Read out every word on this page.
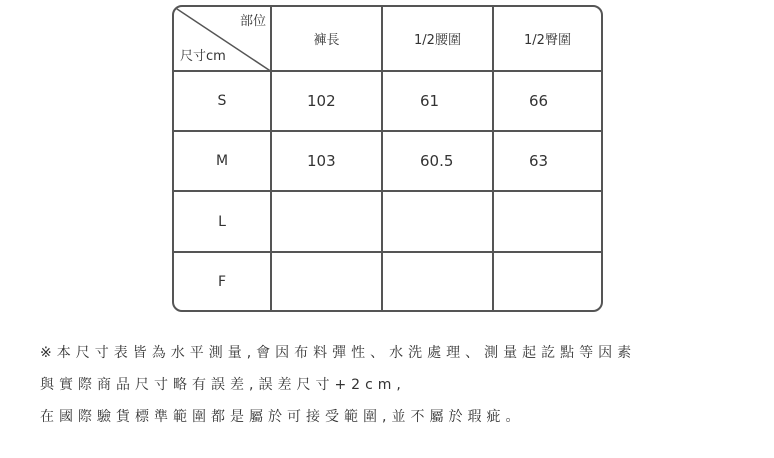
部位
尺寸cm
褲長	1/2腰圍	1/2臀圍
S	102	61	66
M	103	60.5	63
L
F
※本尺寸表皆為水平測量,會因布料彈性、水洗處理、測量起訖點等因素
與實際商品尺寸略有誤差,誤差尺寸+2cm,
在國際驗貨標準範圍都是屬於可接受範圍,並不屬於瑕疵。
